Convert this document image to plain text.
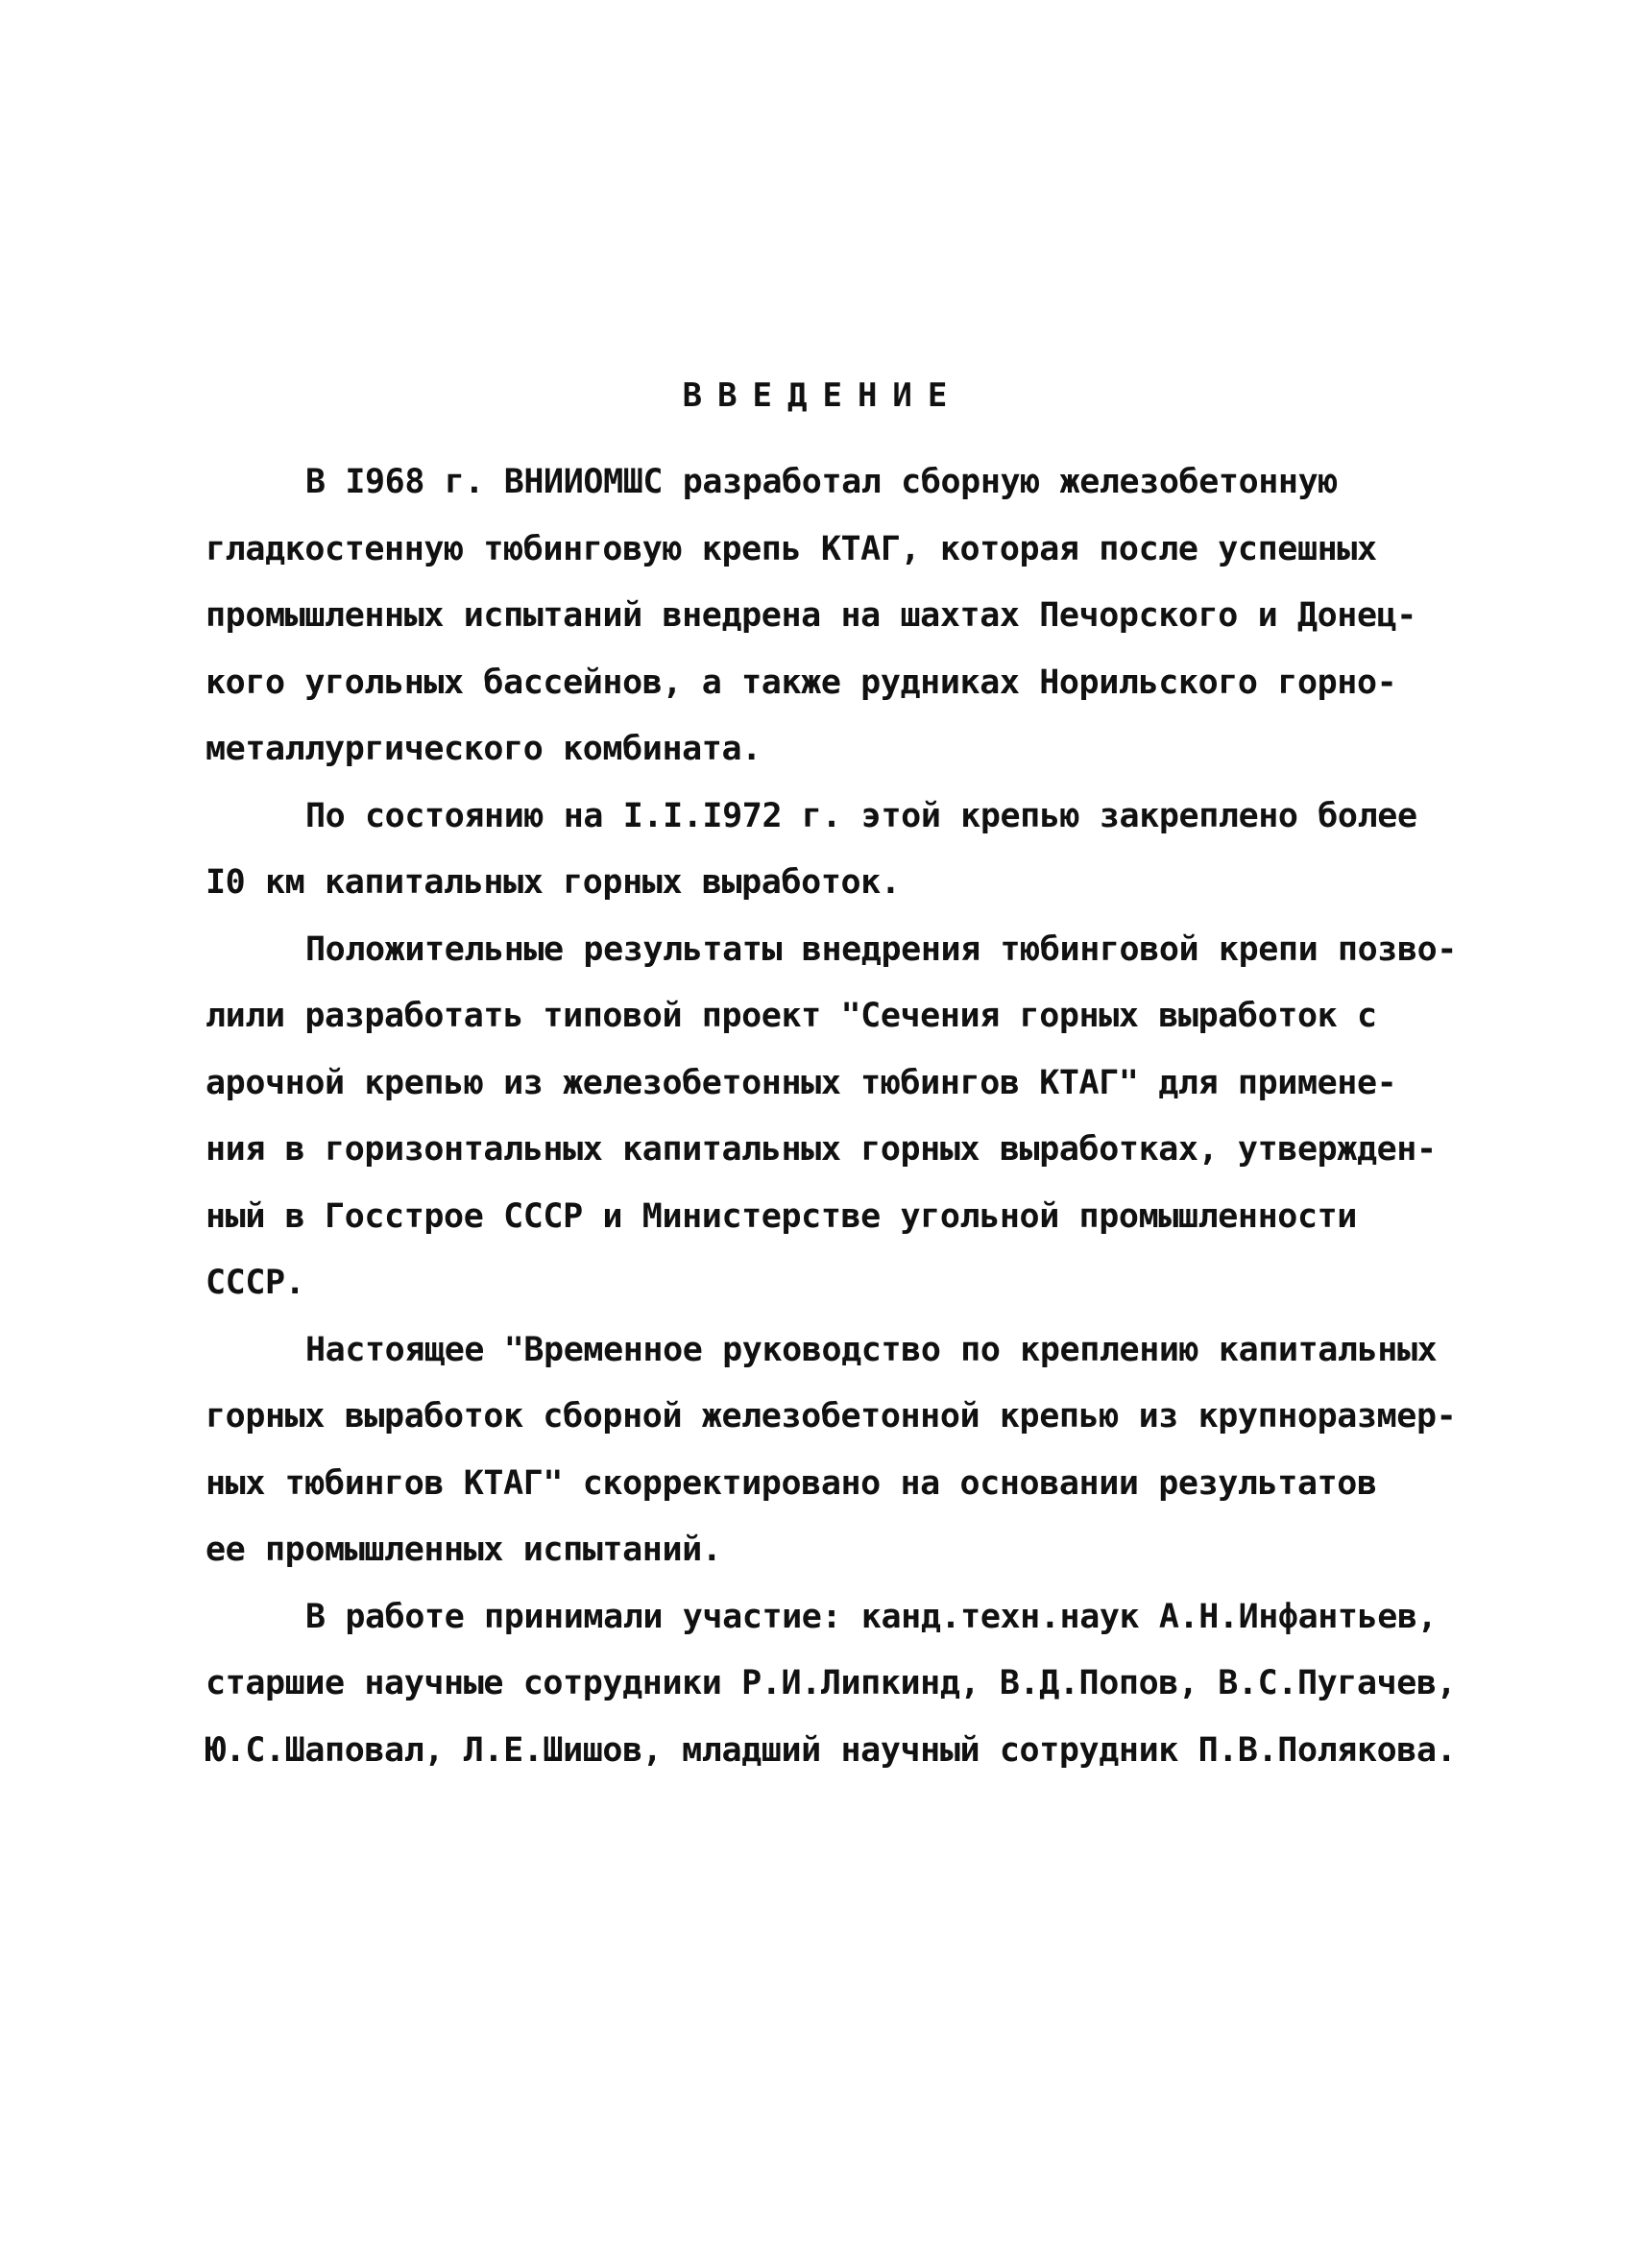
ВВЕДЕНИЕ
В I968 г. ВНИИОМШС разработал сборную железобетонную
гладкостенную тюбинговую крепь КТАГ, которая после успешных
промышленных испытаний внедрена на шахтах Печорского и Донец-
кого угольных бассейнов, а также рудниках Норильского горно-
металлургического комбината.
По состоянию на I.I.I972 г. этой крепью закреплено более
I0 км капитальных горных выработок.
Положительные результаты внедрения тюбинговой крепи позво-
лили разработать типовой проект "Сечения горных выработок с
арочной крепью из железобетонных тюбингов КТАГ" для примене-
ния в горизонтальных капитальных горных выработках, утвержден-
ный в Госстрое СССР и Министерстве угольной промышленности
СССР.
Настоящее "Временное руководство по креплению капитальных
горных выработок сборной железобетонной крепью из крупноразмер-
ных тюбингов КТАГ" скорректировано на основании результатов
ее промышленных испытаний.
В работе принимали участие: канд.техн.наук А.Н.Инфантьев,
старшие научные сотрудники Р.И.Липкинд, В.Д.Попов, В.С.Пугачев,
Ю.С.Шаповал, Л.Е.Шишов, младший научный сотрудник П.В.Полякова.
